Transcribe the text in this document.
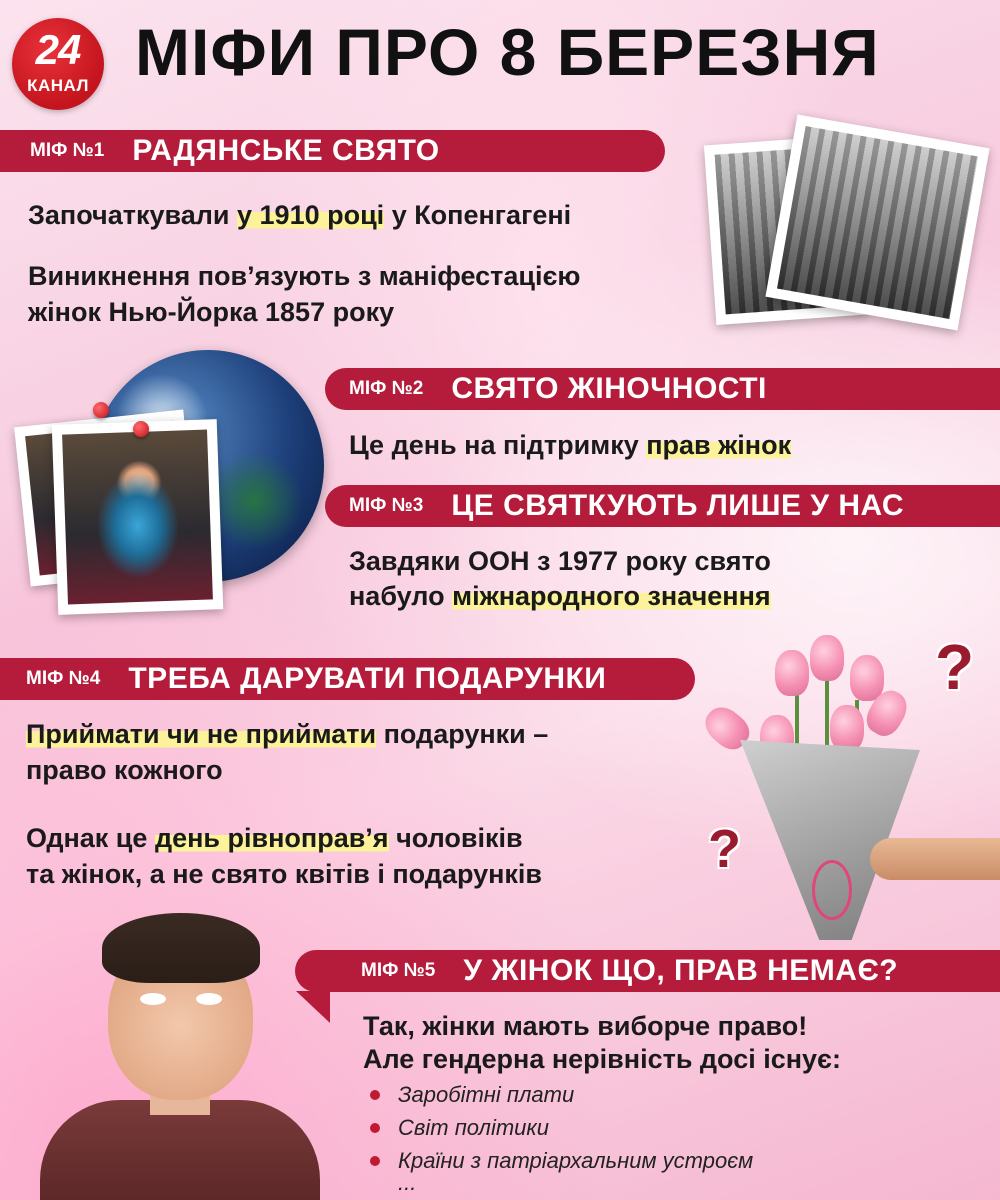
24
КАНАЛ МІФИ ПРО 8 БЕРЕЗНЯ
МІФ №1 РАДЯНСЬКЕ СВЯТО
Започаткували у 1910 році у Копенгагені
Виникнення пов’язують з маніфестацією
жінок Нью-Йорка 1857 року
МІФ №2 СВЯТО ЖІНОЧНОСТІ
Це день на підтримку прав жінок
МІФ №3 ЦЕ СВЯТКУЮТЬ ЛИШЕ У НАС
Завдяки ООН з 1977 року свято
набуло міжнародного значення
МІФ №4 ТРЕБА ДАРУВАТИ ПОДАРУНКИ
Приймати чи не приймати подарунки –
право кожного
Однак це день рівноправ’я чоловіків
та жінок, а не свято квітів і подарунків
?
?
МІФ №5 У ЖІНОК ЩО, ПРАВ НЕМАЄ?
Так, жінки мають виборче право!
Але гендерна нерівність досі існує:
Заробітні плати
Світ політики
Країни з патріархальним устроєм
...
